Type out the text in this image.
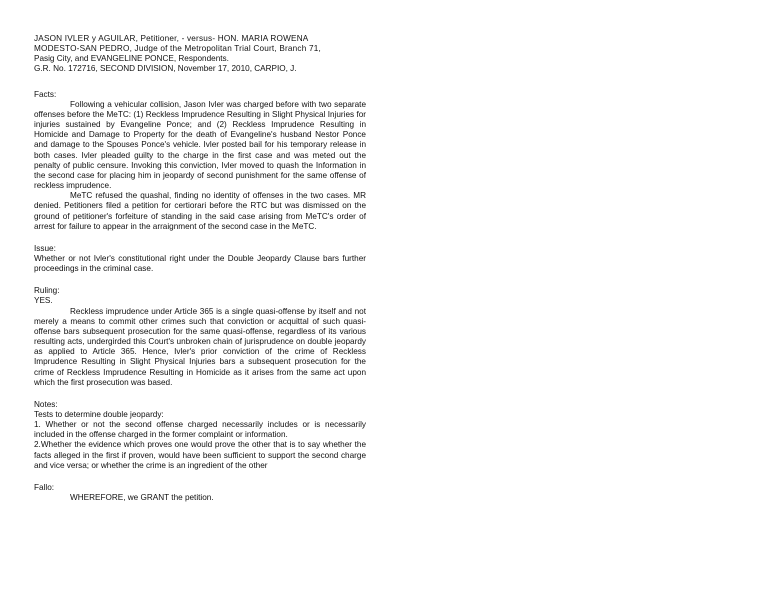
JASON IVLER y AGUILAR, Petitioner, - versus- HON. MARIA ROWENA

MODESTO-SAN PEDRO, Judge of the Metropolitan Trial Court, Branch 71,

Pasig City, and EVANGELINE PONCE, Respondents.

G.R. No. 172716, SECOND DIVISION, November 17, 2010, CARPIO, J.

Facts:

Following a vehicular collision, Jason Ivler was charged before with two separate offenses before the MeTC: (1) Reckless Imprudence Resulting in Slight Physical Injuries for injuries sustained by Evangeline Ponce; and (2) Reckless Imprudence Resulting in Homicide and Damage to Property for the death of Evangeline's husband Nestor Ponce and damage to the Spouses Ponce's vehicle. Ivler posted bail for his temporary release in both cases. Ivler pleaded guilty to the charge in the first case and was meted out the penalty of public censure. Invoking this conviction, Ivler moved to quash the Information in the second case for placing him in jeopardy of second punishment for the same offense of reckless imprudence.

MeTC refused the quashal, finding no identity of offenses in the two cases. MR denied. Petitioners filed a petition for certiorari before the RTC but was dismissed on the ground of petitioner's forfeiture of standing in the said case arising from MeTC's order of arrest for failure to appear in the arraignment of the second case in the MeTC.

Issue:

Whether or not Ivler's constitutional right under the Double Jeopardy Clause bars further proceedings in the criminal case.

Ruling:

YES.

Reckless imprudence under Article 365 is a single quasi-offense by itself and not merely a means to commit other crimes such that conviction or acquittal of such quasi-offense bars subsequent prosecution for the same quasi-offense, regardless of its various resulting acts, undergirded this Court's unbroken chain of jurisprudence on double jeopardy as applied to Article 365. Hence, Ivler's prior conviction of the crime of Reckless Imprudence Resulting in Slight Physical Injuries bars a subsequent prosecution for the crime of Reckless Imprudence Resulting in Homicide as it arises from the same act upon which the first prosecution was based.

Notes:

Tests to determine double jeopardy:

1. Whether or not the second offense charged necessarily includes or is necessarily included in the offense charged in the former complaint or information.

2.Whether the evidence which proves one would prove the other that is to say whether the facts alleged in the first if proven, would have been sufficient to support the second charge and vice versa; or whether the crime is an ingredient of the other

Fallo:

WHEREFORE, we GRANT the petition.
